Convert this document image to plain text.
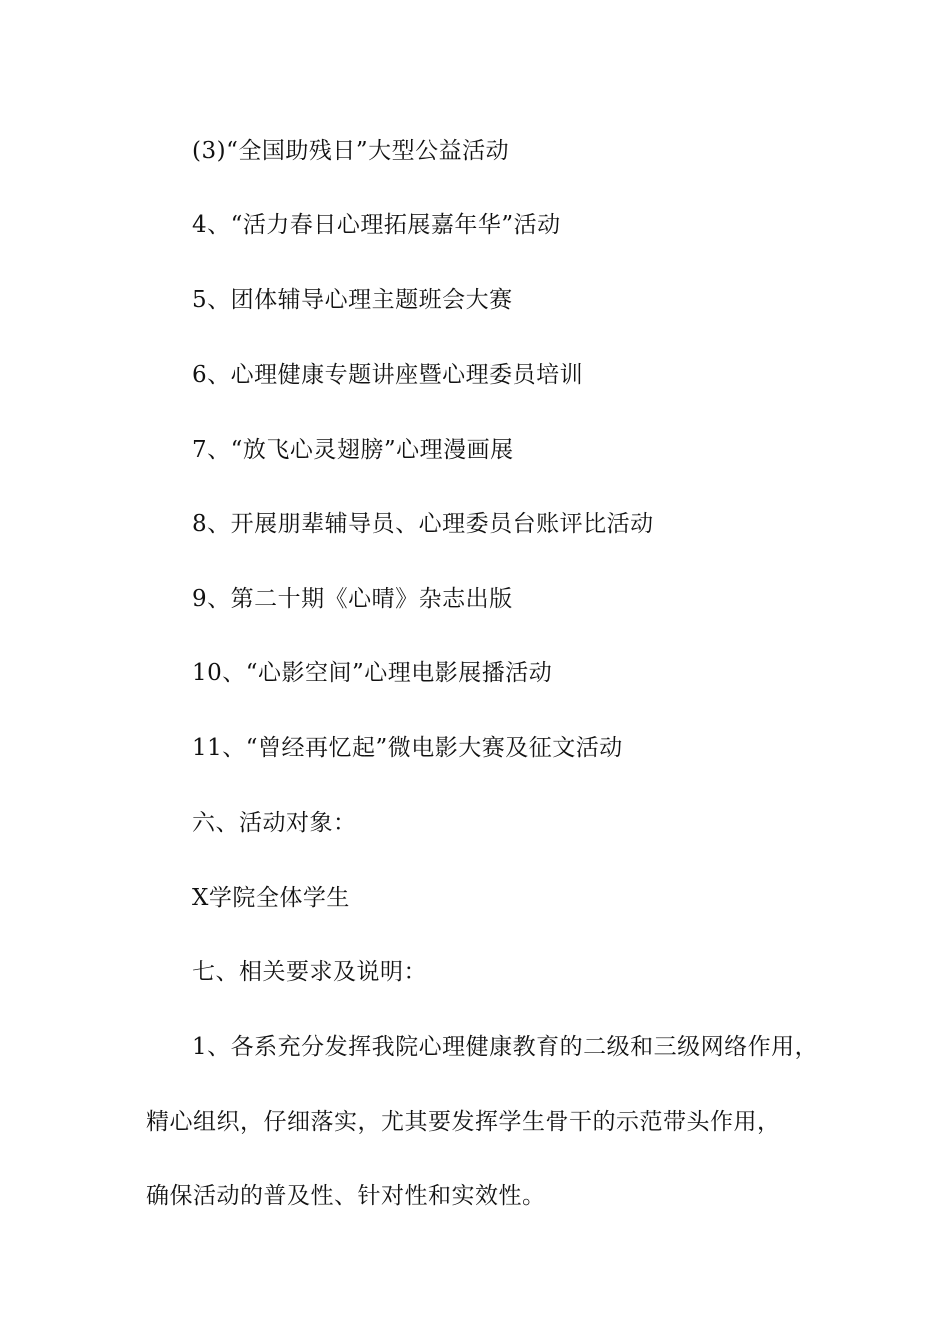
(3)“全国助残日”大型公益活动
4、“活力春日心理拓展嘉年华”活动
5、团体辅导心理主题班会大赛
6、心理健康专题讲座暨心理委员培训
7、“放飞心灵翅膀”心理漫画展
8、开展朋辈辅导员、心理委员台账评比活动
9、第二十期《心晴》杂志出版
10、“心影空间”心理电影展播活动
11、“曾经再忆起”微电影大赛及征文活动
六、活动对象：
X学院全体学生
七、相关要求及说明：
1、各系充分发挥我院心理健康教育的二级和三级网络作用，
精心组织，仔细落实，尤其要发挥学生骨干的示范带头作用，
确保活动的普及性、针对性和实效性。
